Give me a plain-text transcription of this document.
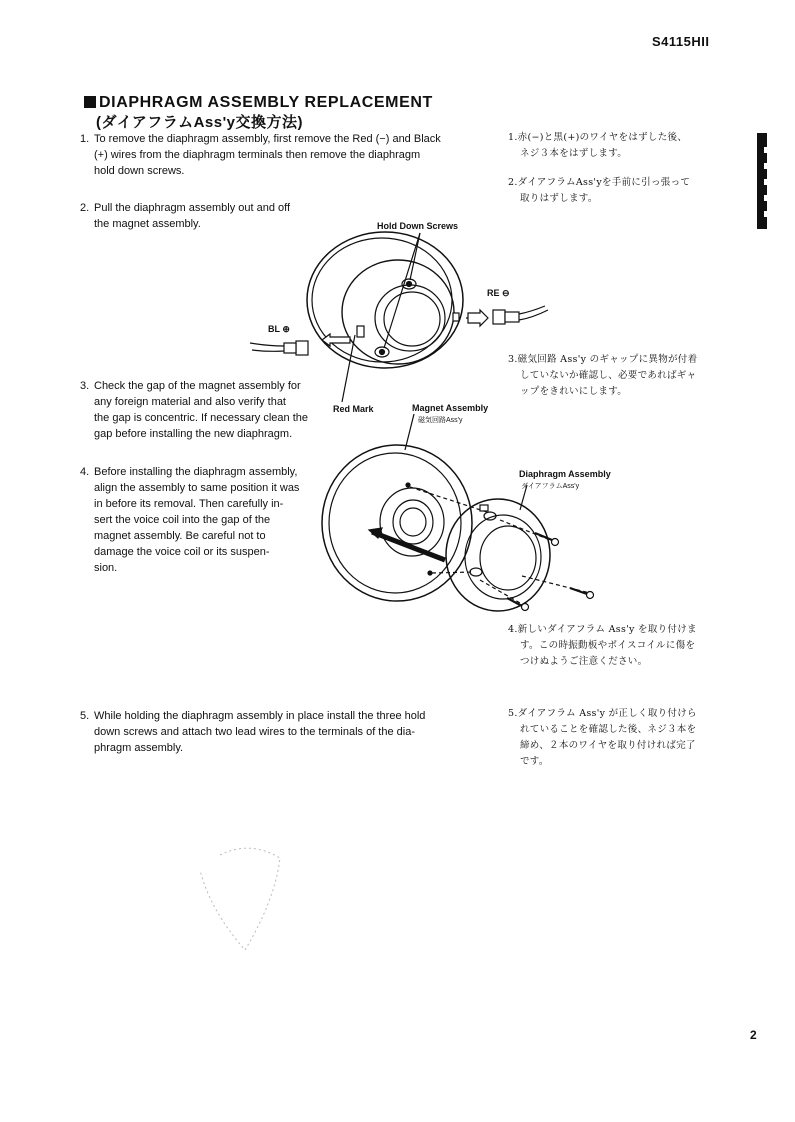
S4115HII
DIAPHRAGM ASSEMBLY REPLACEMENT
(ダイアフラムAss'y交換方法)
1. To remove the diaphragm assembly, first remove the Red (−) and Black
(+) wires from the diaphragm terminals then remove the diaphragm
hold down screws.
2. Pull the diaphragm assembly out and off
the magnet assembly.
3. Check the gap of the magnet assembly for
any foreign material and also verify that
the gap is concentric. If necessary clean the
gap before installing the new diaphragm.
4. Before installing the diaphragm assembly,
align the assembly to same position it was
in before its removal. Then carefully in-
sert the voice coil into the gap of the
magnet assembly. Be careful not to
damage the voice coil or its suspen-
sion.
5. While holding the diaphragm assembly in place install the three hold
down screws and attach two lead wires to the terminals of the dia-
phragm assembly.
1.赤(−)と黒(+)のワイヤをはずした後、
ネジ３本をはずします。
2.ダイアフラムAss'yを手前に引っ張って
取りはずします。
3.磁気回路 Ass'y のギャップに異物が付着
していないか確認し、必要であればギャ
ップをきれいにします。
4.新しいダイアフラム Ass'y を取り付けま
す。この時振動板やボイスコイルに傷を
つけぬようご注意ください。
5.ダイアフラム Ass'y が正しく取り付けら
れていることを確認した後、ネジ３本を
締め、２本のワイヤを取り付ければ完了
です。
Hold Down Screws
RE ⊖
BL ⊕
Red Mark	Magnet Assembly
磁気回路Ass'y
Diaphragm Assembly
ダイアフラムAss'y
2
